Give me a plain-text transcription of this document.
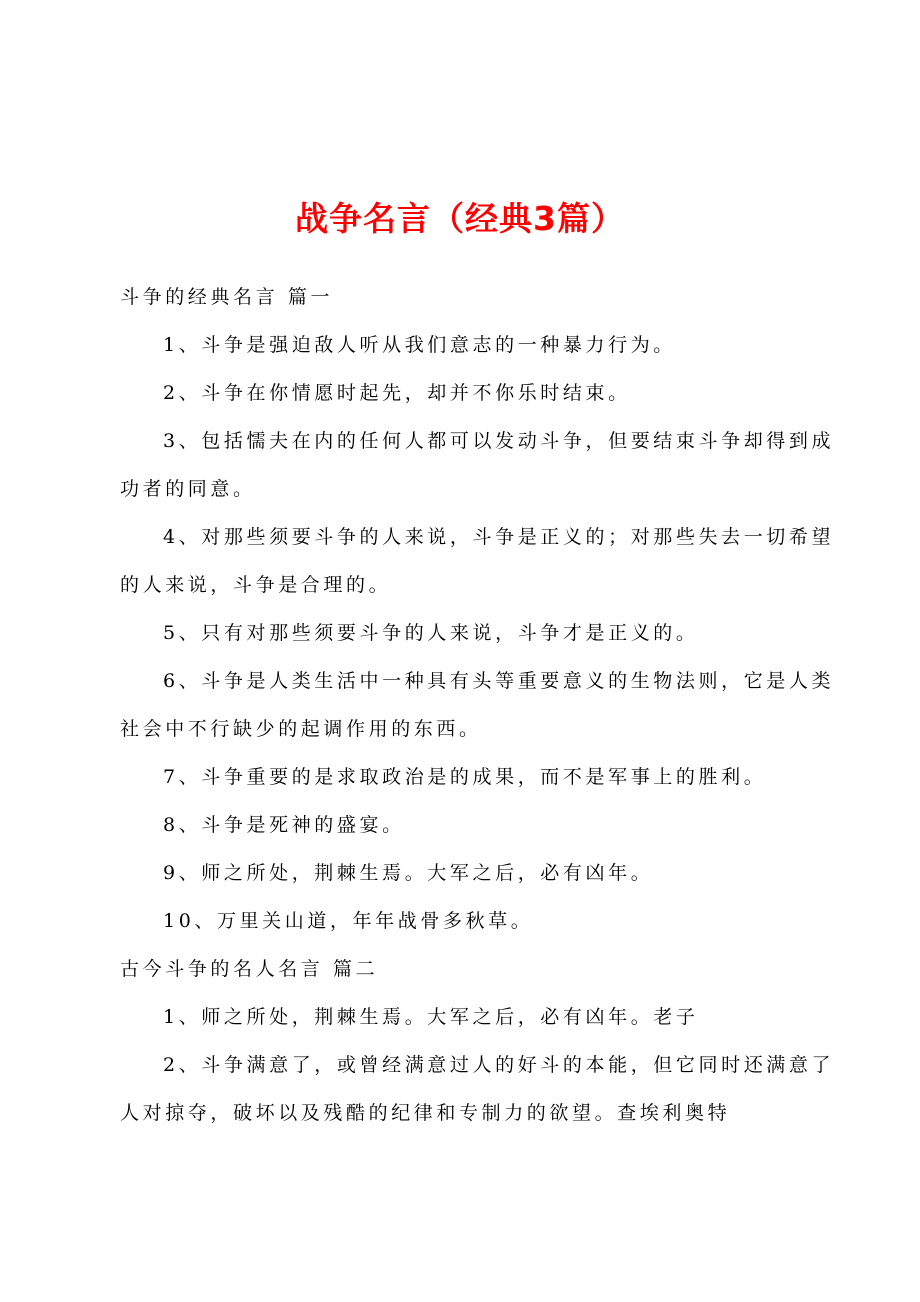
战争名言（经典3篇）
斗争的经典名言 篇一
1、斗争是强迫敌人听从我们意志的一种暴力行为。
2、斗争在你情愿时起先，却并不你乐时结束。
3、包括懦夫在内的任何人都可以发动斗争，但要结束斗争却得到成
功者的同意。
4、对那些须要斗争的人来说，斗争是正义的；对那些失去一切希望
的人来说，斗争是合理的。
5、只有对那些须要斗争的人来说，斗争才是正义的。
6、斗争是人类生活中一种具有头等重要意义的生物法则，它是人类
社会中不行缺少的起调作用的东西。
7、斗争重要的是求取政治是的成果，而不是军事上的胜利。
8、斗争是死神的盛宴。
9、师之所处，荆棘生焉。大军之后，必有凶年。
10、万里关山道，年年战骨多秋草。
古今斗争的名人名言 篇二
1、师之所处，荆棘生焉。大军之后，必有凶年。老子
2、斗争满意了，或曾经满意过人的好斗的本能，但它同时还满意了
人对掠夺，破坏以及残酷的纪律和专制力的欲望。查埃利奥特
